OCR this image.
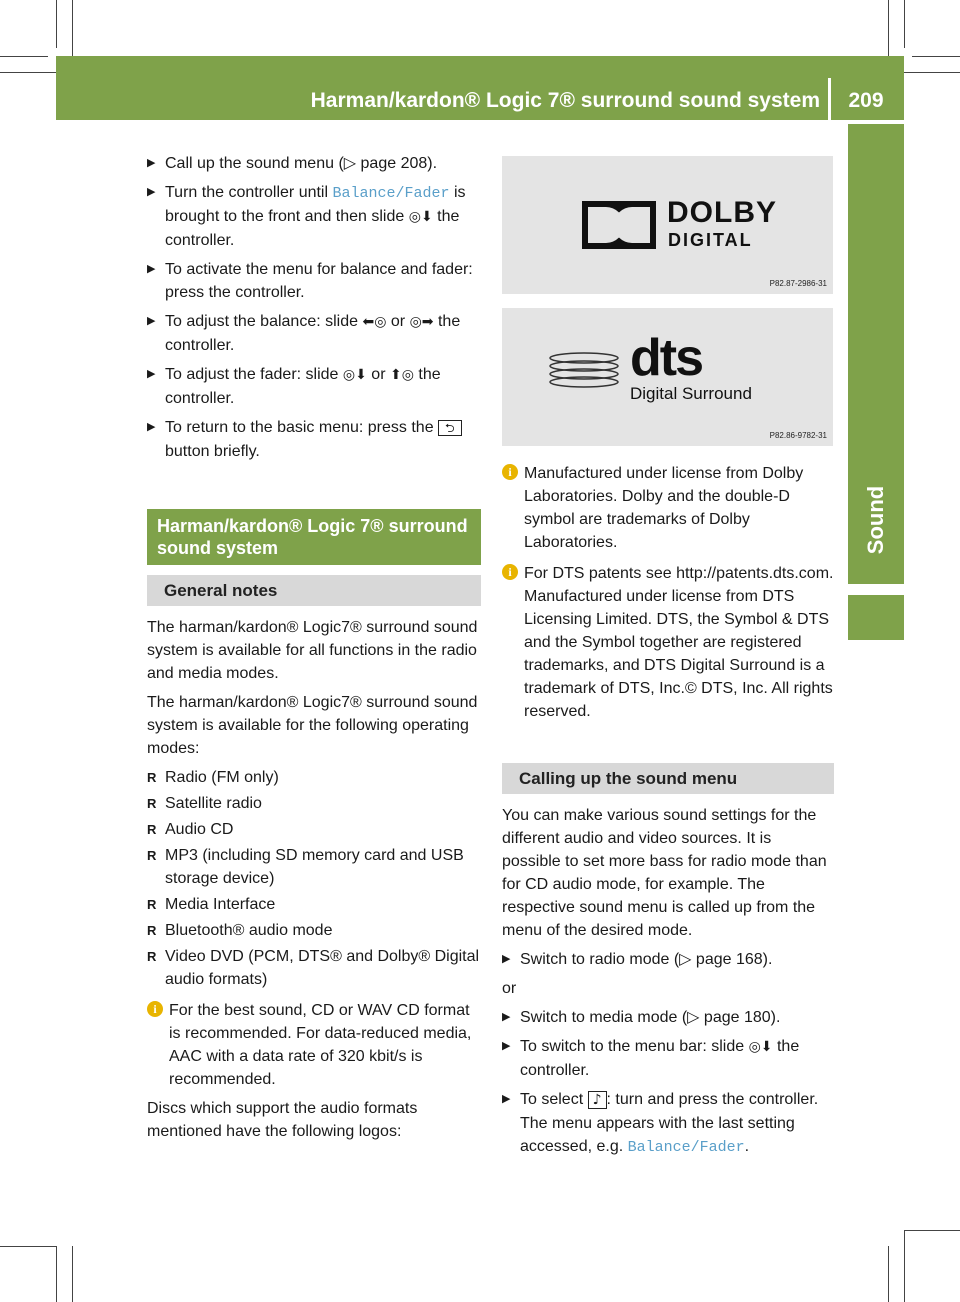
Harman/kardon® Logic 7® surround sound system	209
Sound
▶ Call up the sound menu (▷ page 208).
▶ Turn the controller until Balance/Fader is brought to the front and then slide ◎⬇ the controller.
▶ To activate the menu for balance and fader: press the controller.
▶ To adjust the balance: slide ⬅◎ or ◎➡ the controller.
▶ To adjust the fader: slide ◎⬇ or ⬆◎ the controller.
▶ To return to the basic menu: press the ⮌ button briefly.
Harman/kardon® Logic 7® surround sound system
General notes

The harman/kardon® Logic7® surround sound system is available for all functions in the radio and media modes.

The harman/kardon® Logic7® surround sound system is available for the following operating modes:

R Radio (FM only)
R Satellite radio
R Audio CD
R MP3 (including SD memory card and USB storage device)
R Media Interface
R Bluetooth® audio mode
R Video DVD (PCM, DTS® and Dolby® Digital audio formats)
i For the best sound, CD or WAV CD format is recommended. For data-reduced media, AAC with a data rate of 320 kbit/s is recommended.

Discs which support the audio formats mentioned have the following logos:

DOLBY
DIGITAL
P82.87-2986-31
dts
Digital Surround
P82.86-9782-31
i Manufactured under license from Dolby Laboratories. Dolby and the double-D symbol are trademarks of Dolby Laboratories.
i For DTS patents see http://patents.dts.com. Manufactured under license from DTS Licensing Limited. DTS, the Symbol & DTS and the Symbol together are registered trademarks, and DTS Digital Surround is a trademark of DTS, Inc.© DTS, Inc. All rights reserved.
Calling up the sound menu

You can make various sound settings for the different audio and video sources. It is possible to set more bass for radio mode than for CD audio mode, for example. The respective sound menu is called up from the menu of the desired mode.

▶ Switch to radio mode (▷ page 168).

or

▶ Switch to media mode (▷ page 180).
▶ To switch to the menu bar: slide ◎⬇ the controller.
▶ To select ♪ : turn and press the controller.
The menu appears with the last setting accessed, e.g. Balance/Fader.
